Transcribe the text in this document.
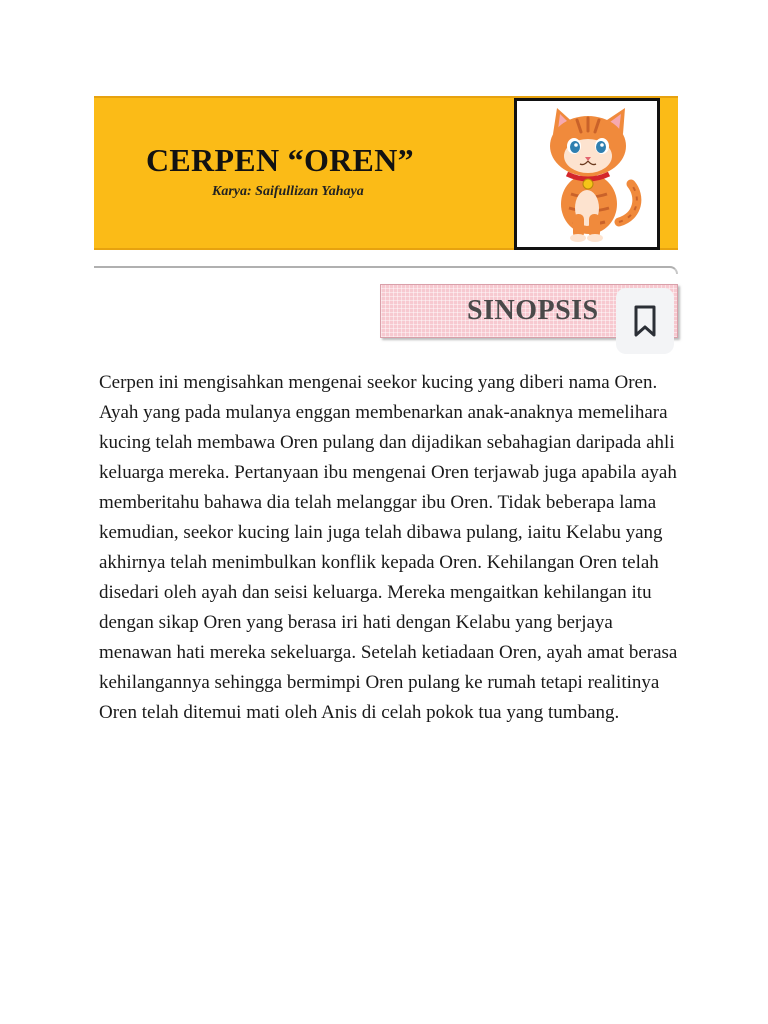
CERPEN “OREN”

Karya: Saifullizan Yahaya

SINOPSIS

Cerpen ini mengisahkan mengenai seekor kucing yang diberi nama Oren.
Ayah yang pada mulanya enggan membenarkan anak-anaknya memelihara
kucing telah membawa Oren pulang dan dijadikan sebahagian daripada ahli
keluarga mereka. Pertanyaan ibu mengenai Oren terjawab juga apabila ayah
memberitahu bahawa dia telah melanggar ibu Oren. Tidak beberapa lama
kemudian, seekor kucing lain juga telah dibawa pulang, iaitu Kelabu yang
akhirnya telah menimbulkan konflik kepada Oren. Kehilangan Oren telah
disedari oleh ayah dan seisi keluarga. Mereka mengaitkan kehilangan itu
dengan sikap Oren yang berasa iri hati dengan Kelabu yang berjaya
menawan hati mereka sekeluarga. Setelah ketiadaan Oren, ayah amat berasa
kehilangannya sehingga bermimpi Oren pulang ke rumah tetapi realitinya
Oren telah ditemui mati oleh Anis di celah pokok tua yang tumbang.
